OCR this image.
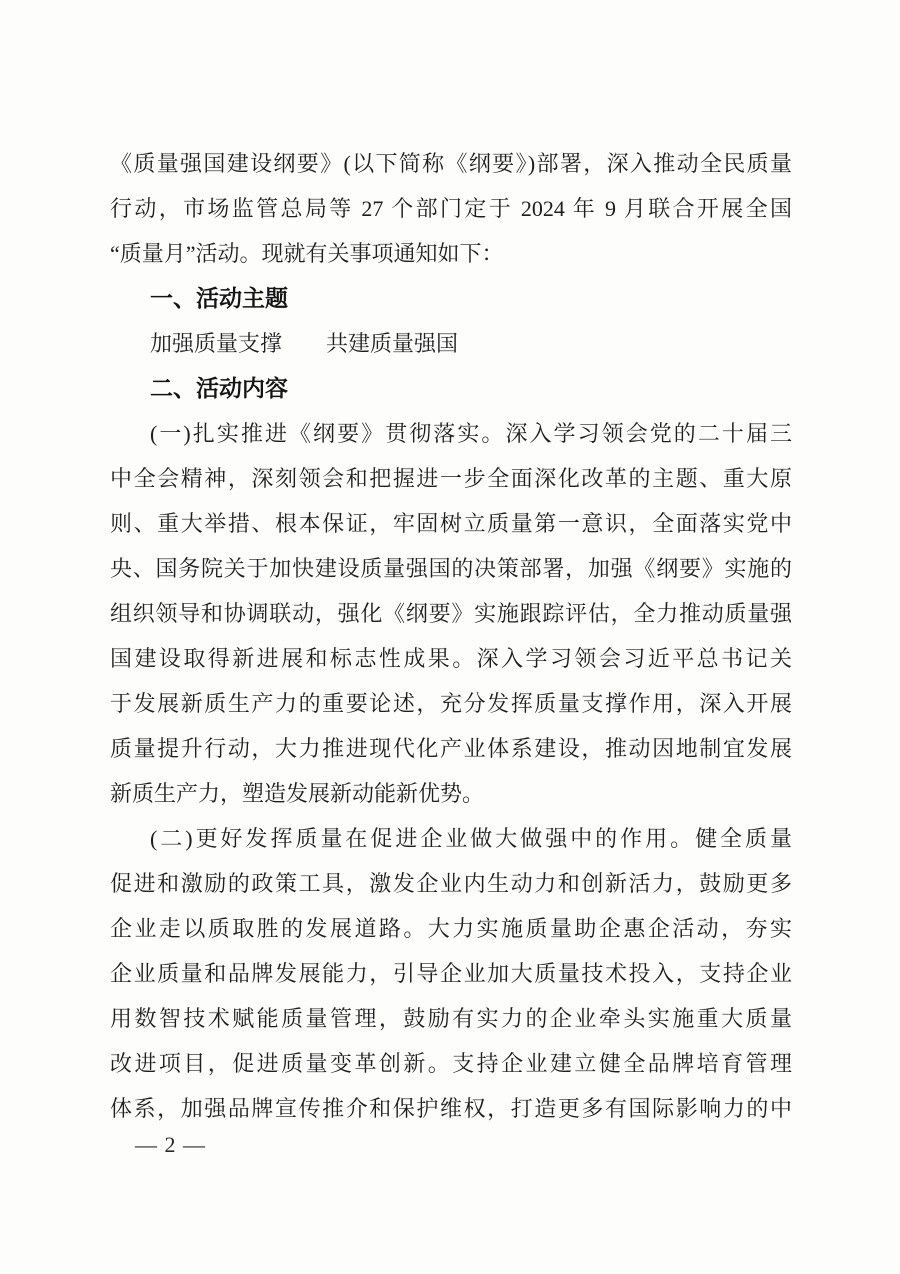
《质量强国建设纲要》(以下简称《纲要》)部署，深入推动全民质量
行动，市场监管总局等 27 个部门定于 2024 年 9 月联合开展全国
“质量月”活动。现就有关事项通知如下：
一、活动主题
加强质量支撑　　共建质量强国
二、活动内容
(一)扎实推进《纲要》贯彻落实。深入学习领会党的二十届三
中全会精神，深刻领会和把握进一步全面深化改革的主题、重大原
则、重大举措、根本保证，牢固树立质量第一意识，全面落实党中
央、国务院关于加快建设质量强国的决策部署，加强《纲要》实施的
组织领导和协调联动，强化《纲要》实施跟踪评估，全力推动质量强
国建设取得新进展和标志性成果。深入学习领会习近平总书记关
于发展新质生产力的重要论述，充分发挥质量支撑作用，深入开展
质量提升行动，大力推进现代化产业体系建设，推动因地制宜发展
新质生产力，塑造发展新动能新优势。
(二)更好发挥质量在促进企业做大做强中的作用。健全质量
促进和激励的政策工具，激发企业内生动力和创新活力，鼓励更多
企业走以质取胜的发展道路。大力实施质量助企惠企活动，夯实
企业质量和品牌发展能力，引导企业加大质量技术投入，支持企业
用数智技术赋能质量管理，鼓励有实力的企业牵头实施重大质量
改进项目，促进质量变革创新。支持企业建立健全品牌培育管理
体系，加强品牌宣传推介和保护维权，打造更多有国际影响力的中
— 2 —
